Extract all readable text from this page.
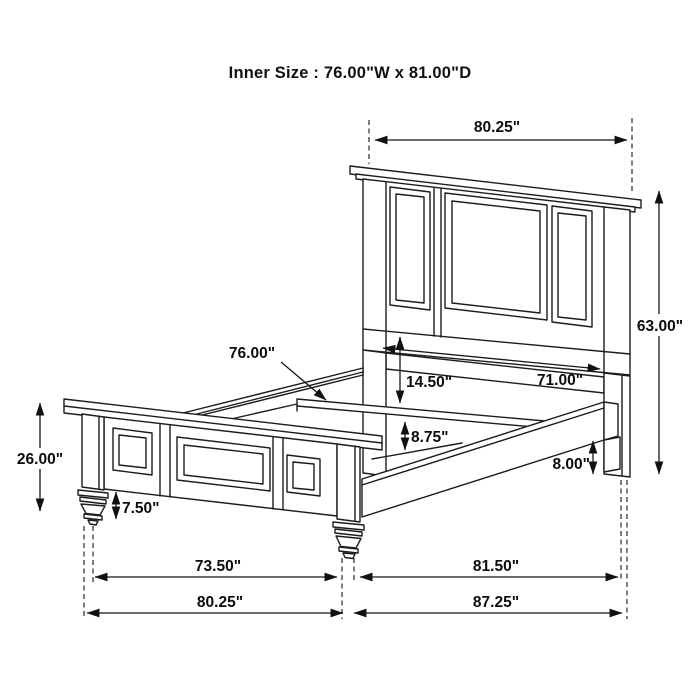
Inner Size : 76.00"W x 81.00"D
80.25"
63.00"
76.00"
14.50"	71.00"
8.75"
8.00"
26.00"
7.50"
73.50"	81.50"
80.25"	87.25"
